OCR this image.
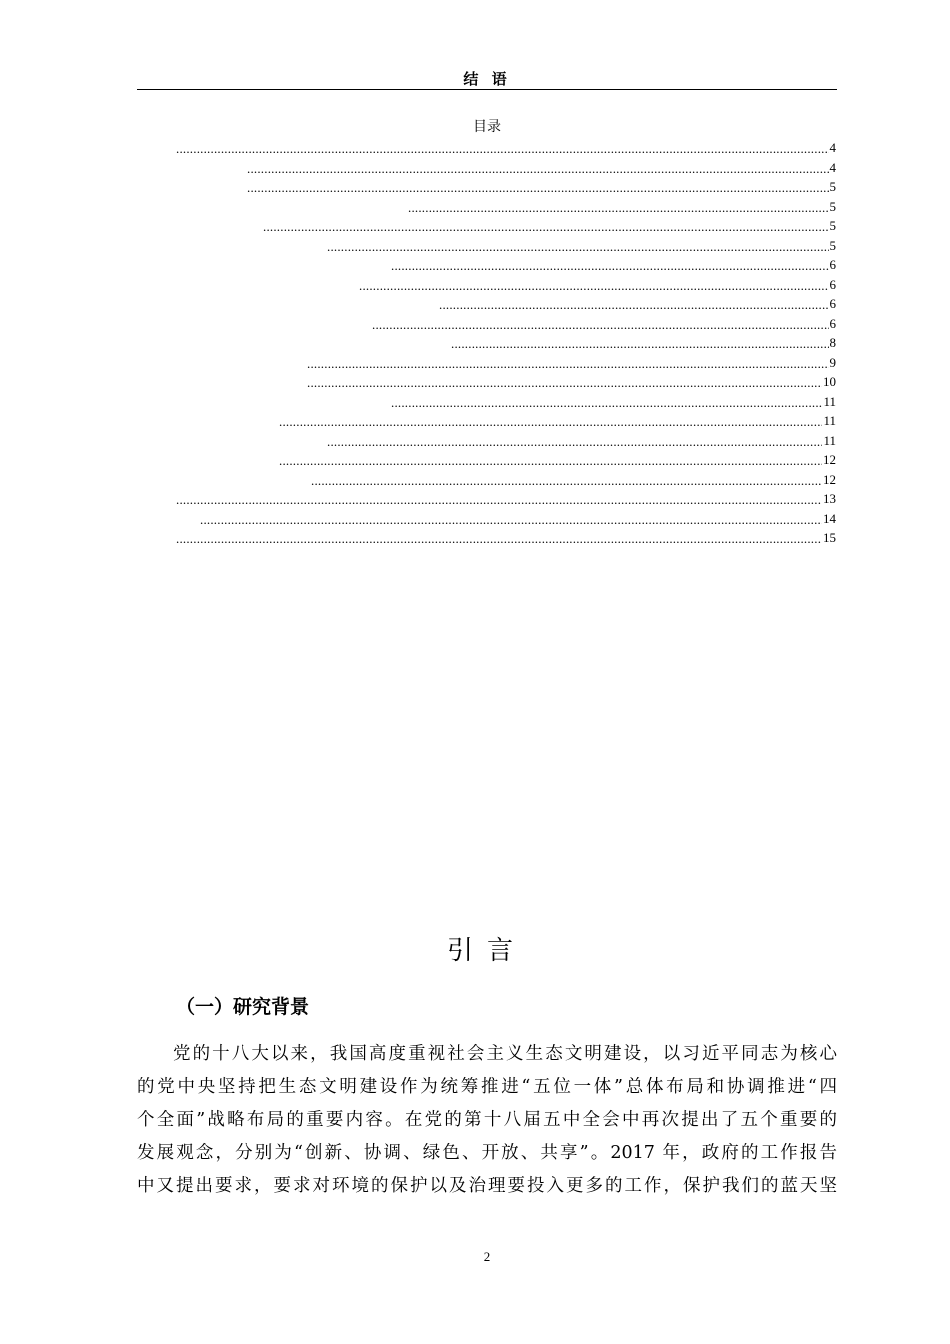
结 语
目录
.....
4
.....
4
.....
5
.....
5
.....
5
.....
5
.....
6
.....
6
.....
6
.....
6
.....
8
.....
9
.....
10
.....
11
.....
11
.....
11
.....
12
.....
12
.....
13
.....
14
.....
15
引言
（一）研究背景
党的十八大以来，我国高度重视社会主义生态文明建设，以习近平同志为核心
的党中央坚持把生态文明建设作为统筹推进“五位一体”总体布局和协调推进“四
个全面”战略布局的重要内容。在党的第十八届五中全会中再次提出了五个重要的
发展观念，分别为“创新、协调、绿色、开放、共享”。2017 年，政府的工作报告
中又提出要求，要求对环境的保护以及治理要投入更多的工作，保护我们的蓝天坚
2
